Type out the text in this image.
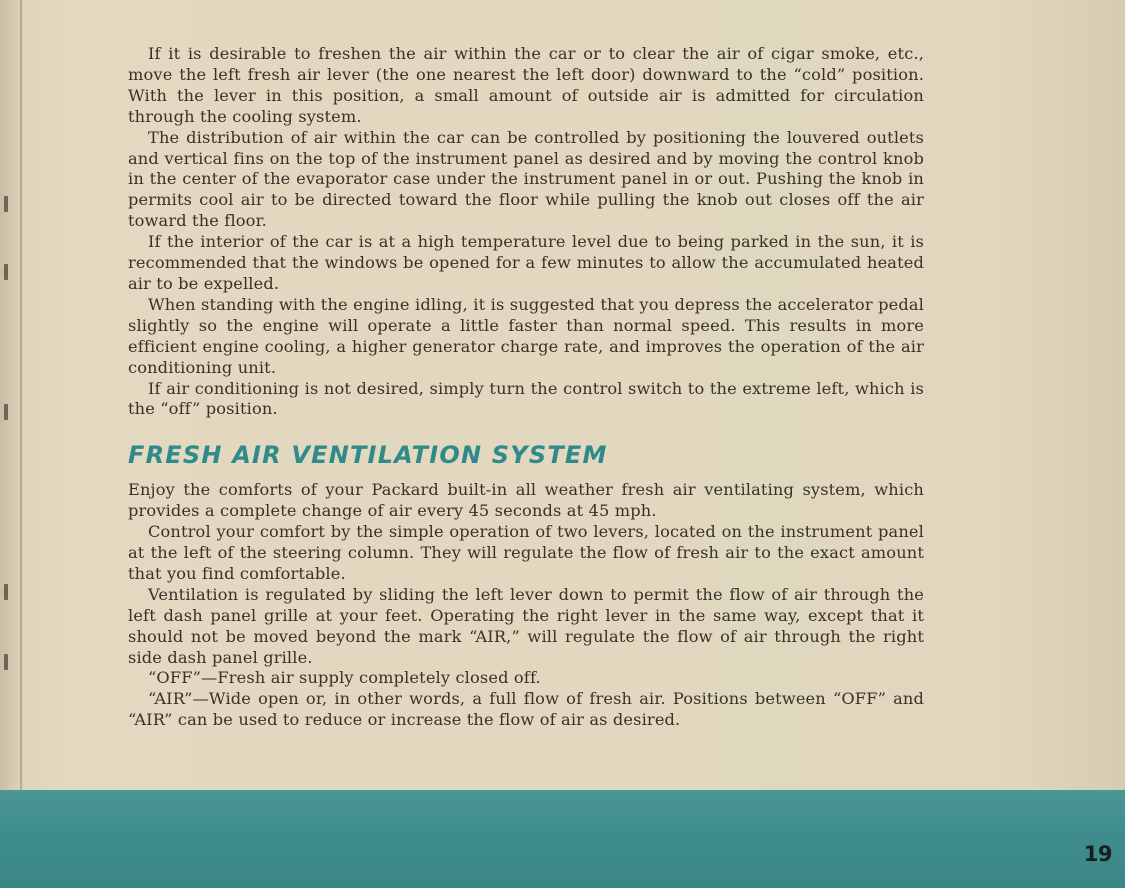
If it is desirable to freshen the air within the car or to clear the air of cigar smoke, etc., move the left fresh air lever (the one nearest the left door) downward to the “cold” position. With the lever in this position, a small amount of outside air is admitted for circulation through the cooling system.

The distribution of air within the car can be controlled by positioning the louvered outlets and vertical fins on the top of the instrument panel as desired and by moving the control knob in the center of the evaporator case under the instrument panel in or out. Pushing the knob in permits cool air to be directed toward the floor while pulling the knob out closes off the air toward the floor.

If the interior of the car is at a high temperature level due to being parked in the sun, it is recommended that the windows be opened for a few minutes to allow the accumulated heated air to be expelled.

When standing with the engine idling, it is suggested that you depress the accelerator pedal slightly so the engine will operate a little faster than normal speed. This results in more efficient engine cooling, a higher generator charge rate, and improves the operation of the air conditioning unit.

If air conditioning is not desired, simply turn the control switch to the extreme left, which is the “off” position.

FRESH AIR VENTILATION SYSTEM

Enjoy the comforts of your Packard built-in all weather fresh air ventilating system, which provides a complete change of air every 45 seconds at 45 mph.

Control your comfort by the simple operation of two levers, located on the instrument panel at the left of the steering column. They will regulate the flow of fresh air to the exact amount that you find comfortable.

Ventilation is regulated by sliding the left lever down to permit the flow of air through the left dash panel grille at your feet. Operating the right lever in the same way, except that it should not be moved beyond the mark “AIR,” will regulate the flow of air through the right side dash panel grille.

“OFF”—Fresh air supply completely closed off.

“AIR”—Wide open or, in other words, a full flow of fresh air. Positions between “OFF” and “AIR” can be used to reduce or increase the flow of air as desired.

19
